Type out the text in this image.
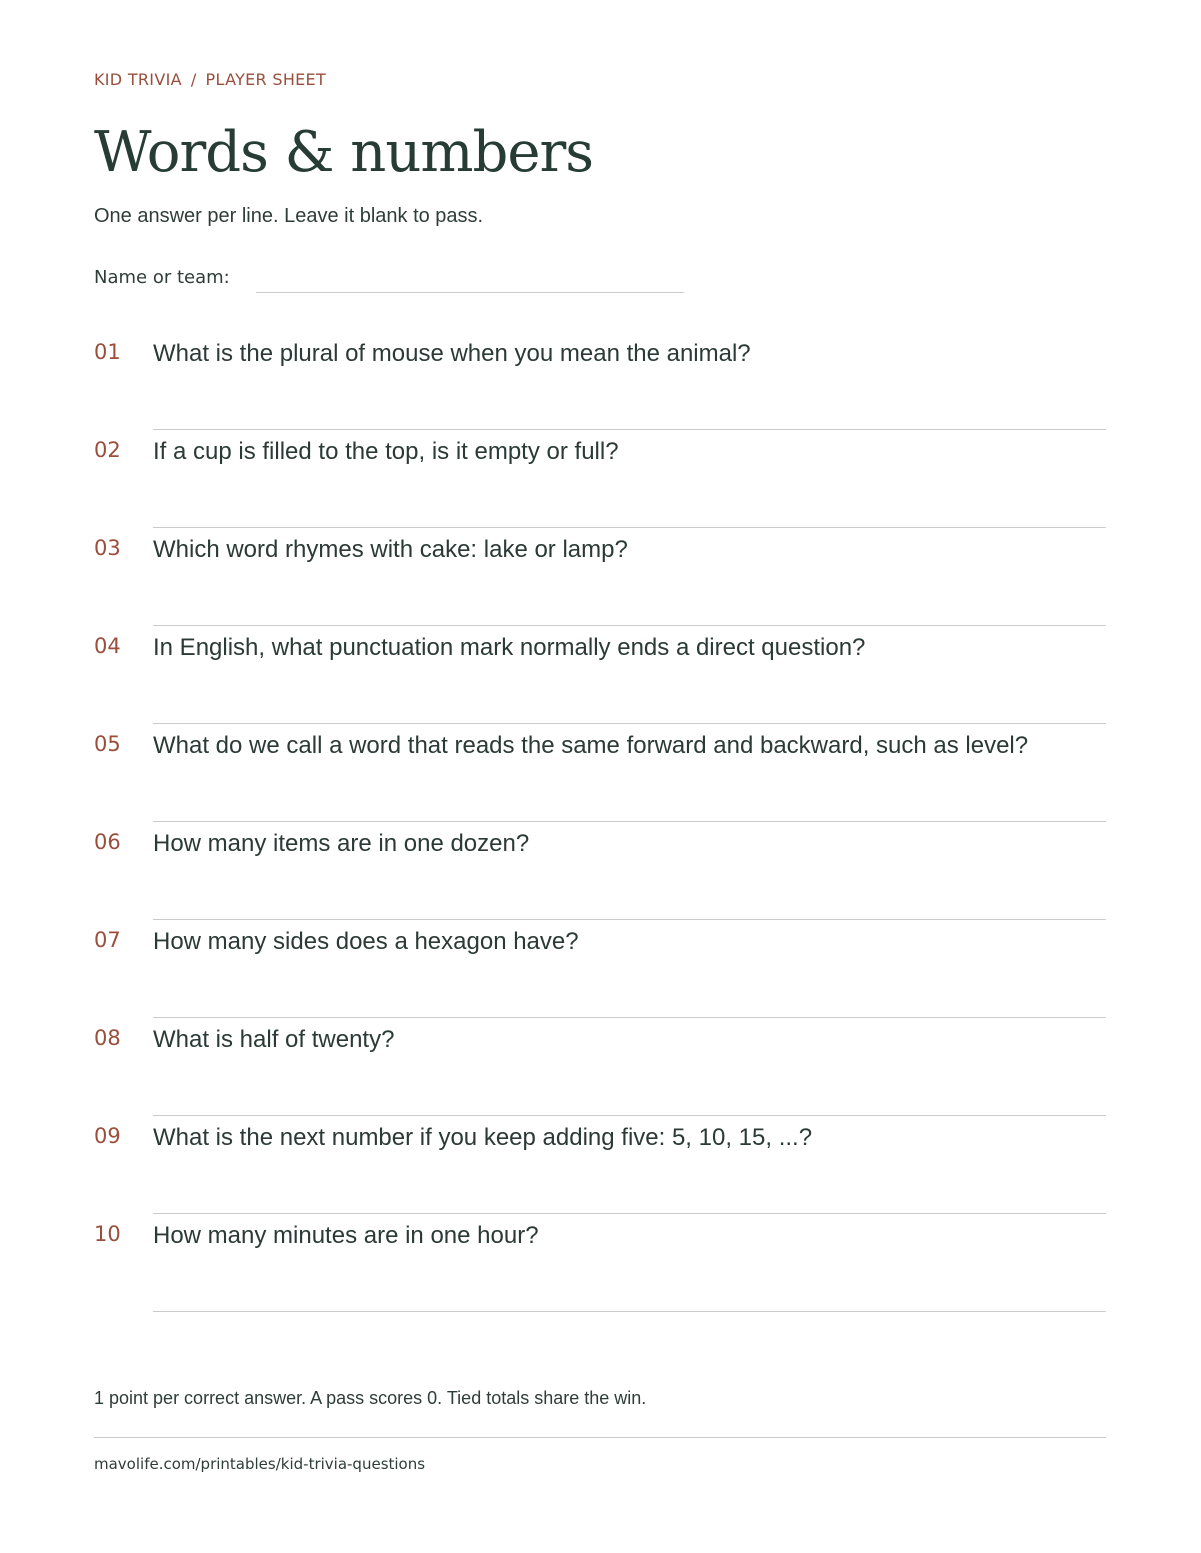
KID TRIVIA / PLAYER SHEET
Words & numbers
One answer per line. Leave it blank to pass.
Name or team:
01 What is the plural of mouse when you mean the animal?
02 If a cup is filled to the top, is it empty or full?
03 Which word rhymes with cake: lake or lamp?
04 In English, what punctuation mark normally ends a direct question?
05 What do we call a word that reads the same forward and backward, such as level?
06 How many items are in one dozen?
07 How many sides does a hexagon have?
08 What is half of twenty?
09 What is the next number if you keep adding five: 5, 10, 15, ...?
10 How many minutes are in one hour?
1 point per correct answer. A pass scores 0. Tied totals share the win.
mavolife.com/printables/kid-trivia-questions
